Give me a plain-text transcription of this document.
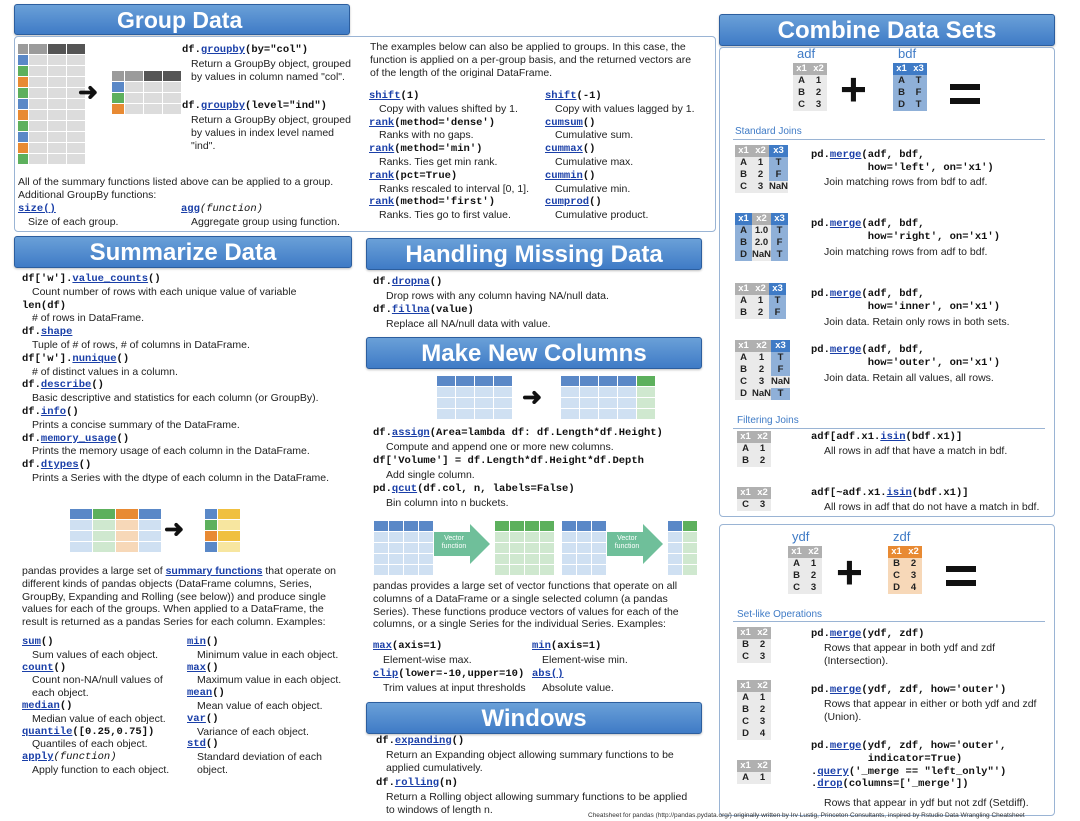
Group Data
➜
df.groupby(by="col")
Return a GroupBy object, grouped by values in column named "col".
df.groupby(level="ind")
Return a GroupBy object, grouped by values in index level named "ind".
The examples below can also be applied to groups. In this case, the function is applied on a per-group basis, and the returned vectors are of the length of the original DataFrame.
shift(1)
Copy with values shifted by 1.
rank(method='dense')
Ranks with no gaps.
rank(method='min')
Ranks. Ties get min rank.
rank(pct=True)
Ranks rescaled to interval [0, 1].
rank(method='first')
Ranks. Ties go to first value.
shift(-1)
Copy with values lagged by 1.
cumsum()
Cumulative sum.
cummax()
Cumulative max.
cummin()
Cumulative min.
cumprod()
Cumulative product.
All of the summary functions listed above can be applied to a group.
Additional GroupBy functions:
size()
Size of each group.
agg(function)
Aggregate group using function.
Summarize Data
df['w'].value_counts()
Count number of rows with each unique value of variable
len(df)
# of rows in DataFrame.
df.shape
Tuple of # of rows, # of columns in DataFrame.
df['w'].nunique()
# of distinct values in a column.
df.describe()
Basic descriptive and statistics for each column (or GroupBy).
df.info()
Prints a concise summary of the DataFrame.
df.memory_usage()
Prints the memory usage of each column in the DataFrame.
df.dtypes()
Prints a Series with the dtype of each column in the DataFrame.
➜
pandas provides a large set of summary functions that operate on different kinds of pandas objects (DataFrame columns, Series, GroupBy, Expanding and Rolling (see below)) and produce single values for each of the groups. When applied to a DataFrame, the result is returned as a pandas Series for each column. Examples:
sum()
Sum values of each object.
count()
Count non-NA/null values of each object.
median()
Median value of each object.
quantile([0.25,0.75])
Quantiles of each object.
apply(function)
Apply function to each object.
min()
Minimum value in each object.
max()
Maximum value in each object.
mean()
Mean value of each object.
var()
Variance of each object.
std()
Standard deviation of each object.
Handling Missing Data
df.dropna()
Drop rows with any column having NA/null data.
df.fillna(value)
Replace all NA/null data with value.
Make New Columns
➜
df.assign(Area=lambda df: df.Length*df.Height)
Compute and append one or more new columns.
df['Volume'] = df.Length*df.Height*df.Depth
Add single column.
pd.qcut(df.col, n, labels=False)
Bin column into n buckets.
Vector function
Vector function
pandas provides a large set of vector functions that operate on all columns of a DataFrame or a single selected column (a pandas Series). These functions produce vectors of values for each of the columns, or a single Series for the individual Series. Examples:
max(axis=1)
Element-wise max.
min(axis=1)
Element-wise min.
clip(lower=-10,upper=10)
Trim values at input thresholds
abs()
Absolute value.
Windows
df.expanding()
Return an Expanding object allowing summary functions to be applied cumulatively.
df.rolling(n)
Return a Rolling object allowing summary functions to be applied to windows of length n.
Combine Data Sets
adf
x1	x2
A	1
B	2
C	3 +
bdf
x1	x3
A	T
B	F
D	T
Standard Joins
x1	x2	x3
A	1	T
B	2	F
C	3	NaN
pd.merge(adf, bdf,
how='left', on='x1')
Join matching rows from bdf to adf.
x1	x2	x3
A	1.0	T
B	2.0	F
D	NaN	T
pd.merge(adf, bdf,
how='right', on='x1')
Join matching rows from adf to bdf.
x1	x2	x3
A	1	T
B	2	F
pd.merge(adf, bdf,
how='inner', on='x1')
Join data. Retain only rows in both sets.
x1	x2	x3
A	1	T
B	2	F
C	3	NaN
D	NaN	T
pd.merge(adf, bdf,
how='outer', on='x1')
Join data. Retain all values, all rows.
Filtering Joins
x1	x2
A	1
B	2
adf[adf.x1.isin(bdf.x1)]
All rows in adf that have a match in bdf.
x1	x2
C	3
adf[~adf.x1.isin(bdf.x1)]
All rows in adf that do not have a match in bdf.
ydf
x1	x2
A	1
B	2
C	3 +
zdf
x1	x2
B	2
C	3
D	4
Set-like Operations
x1	x2
B	2
C	3
pd.merge(ydf, zdf)
Rows that appear in both ydf and zdf (Intersection).
x1	x2
A	1
B	2
C	3
D	4
pd.merge(ydf, zdf, how='outer')
Rows that appear in either or both ydf and zdf (Union).
x1	x2
A	1
pd.merge(ydf, zdf, how='outer',
indicator=True)
.query('_merge == "left_only"')
.drop(columns=['_merge'])
Rows that appear in ydf but not zdf (Setdiff).
Cheatsheet for pandas (http://pandas.pydata.org/) originally written by Irv Lustig, Princeton Consultants, inspired by Rstudio Data Wrangling Cheatsheet
